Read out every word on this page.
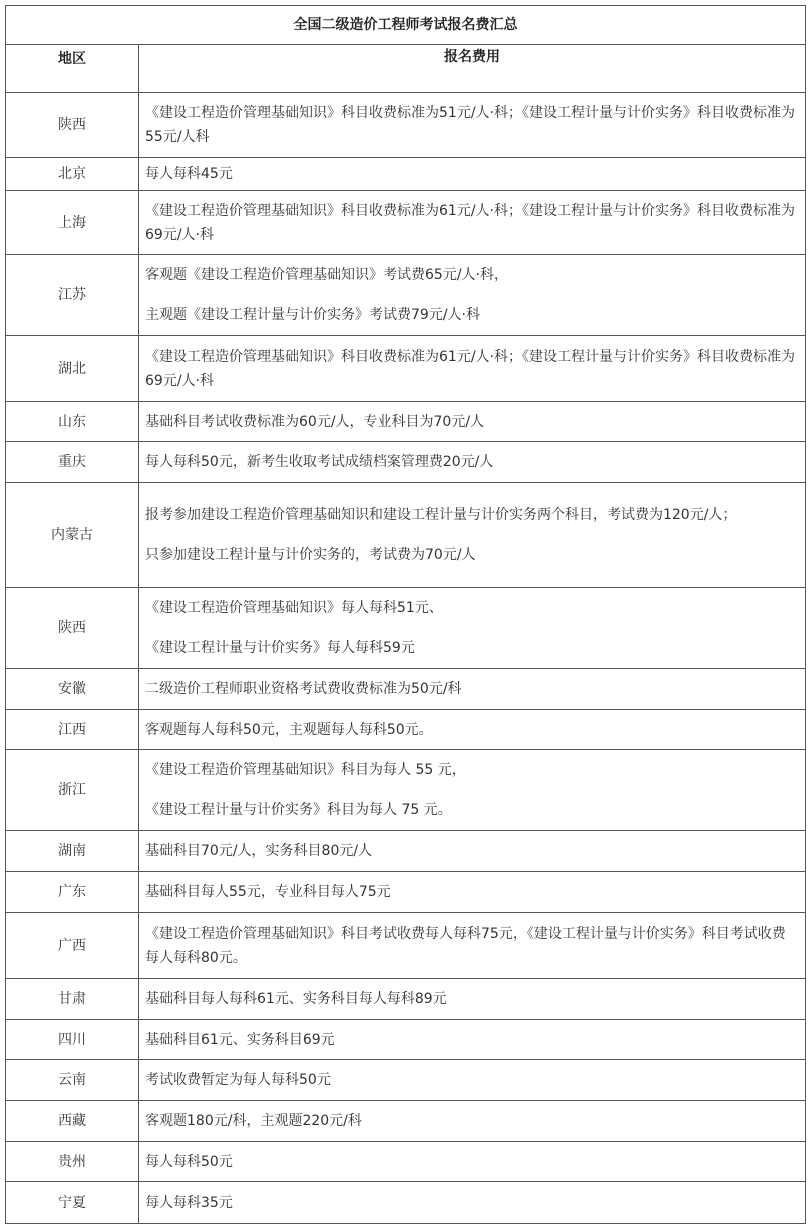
全国二级造价工程师考试报名费汇总	
地区	报名费用
陕西	《建设工程造价管理基础知识》科目收费标准为51元/人·科；《建设工程计量与计价实务》科目收费标准为55元/人科

北京	每人每科45元

上海	《建设工程造价管理基础知识》科目收费标准为61元/人·科；《建设工程计量与计价实务》科目收费标准为69元/人·科

江苏	客观题《建设工程造价管理基础知识》考试费65元/人·科，

主观题《建设工程计量与计价实务》考试费79元/人·科

湖北	《建设工程造价管理基础知识》科目收费标准为61元/人·科；《建设工程计量与计价实务》科目收费标准为69元/人·科

山东	基础科目考试收费标准为60元/人，专业科目为70元/人

重庆	每人每科50元，新考生收取考试成绩档案管理费20元/人

内蒙古	报考参加建设工程造价管理基础知识和建设工程计量与计价实务两个科目，考试费为120元/人；

只参加建设工程计量与计价实务的，考试费为70元/人

陕西	《建设工程造价管理基础知识》每人每科51元、

《建设工程计量与计价实务》每人每科59元

安徽	二级造价工程师职业资格考试费收费标准为50元/科

江西	客观题每人每科50元，主观题每人每科50元。

浙江	《建设工程造价管理基础知识》科目为每人 55 元，

《建设工程计量与计价实务》科目为每人 75 元。

湖南	基础科目70元/人，实务科目80元/人

广东	基础科目每人55元，专业科目每人75元

广西	《建设工程造价管理基础知识》科目考试收费每人每科75元，《建设工程计量与计价实务》科目考试收费每人每科80元。

甘肃	基础科目每人每科61元、实务科目每人每科89元

四川	基础科目61元、实务科目69元

云南	考试收费暂定为每人每科50元

西藏	客观题180元/科，主观题220元/科

贵州	每人每科50元

宁夏	每人每科35元
